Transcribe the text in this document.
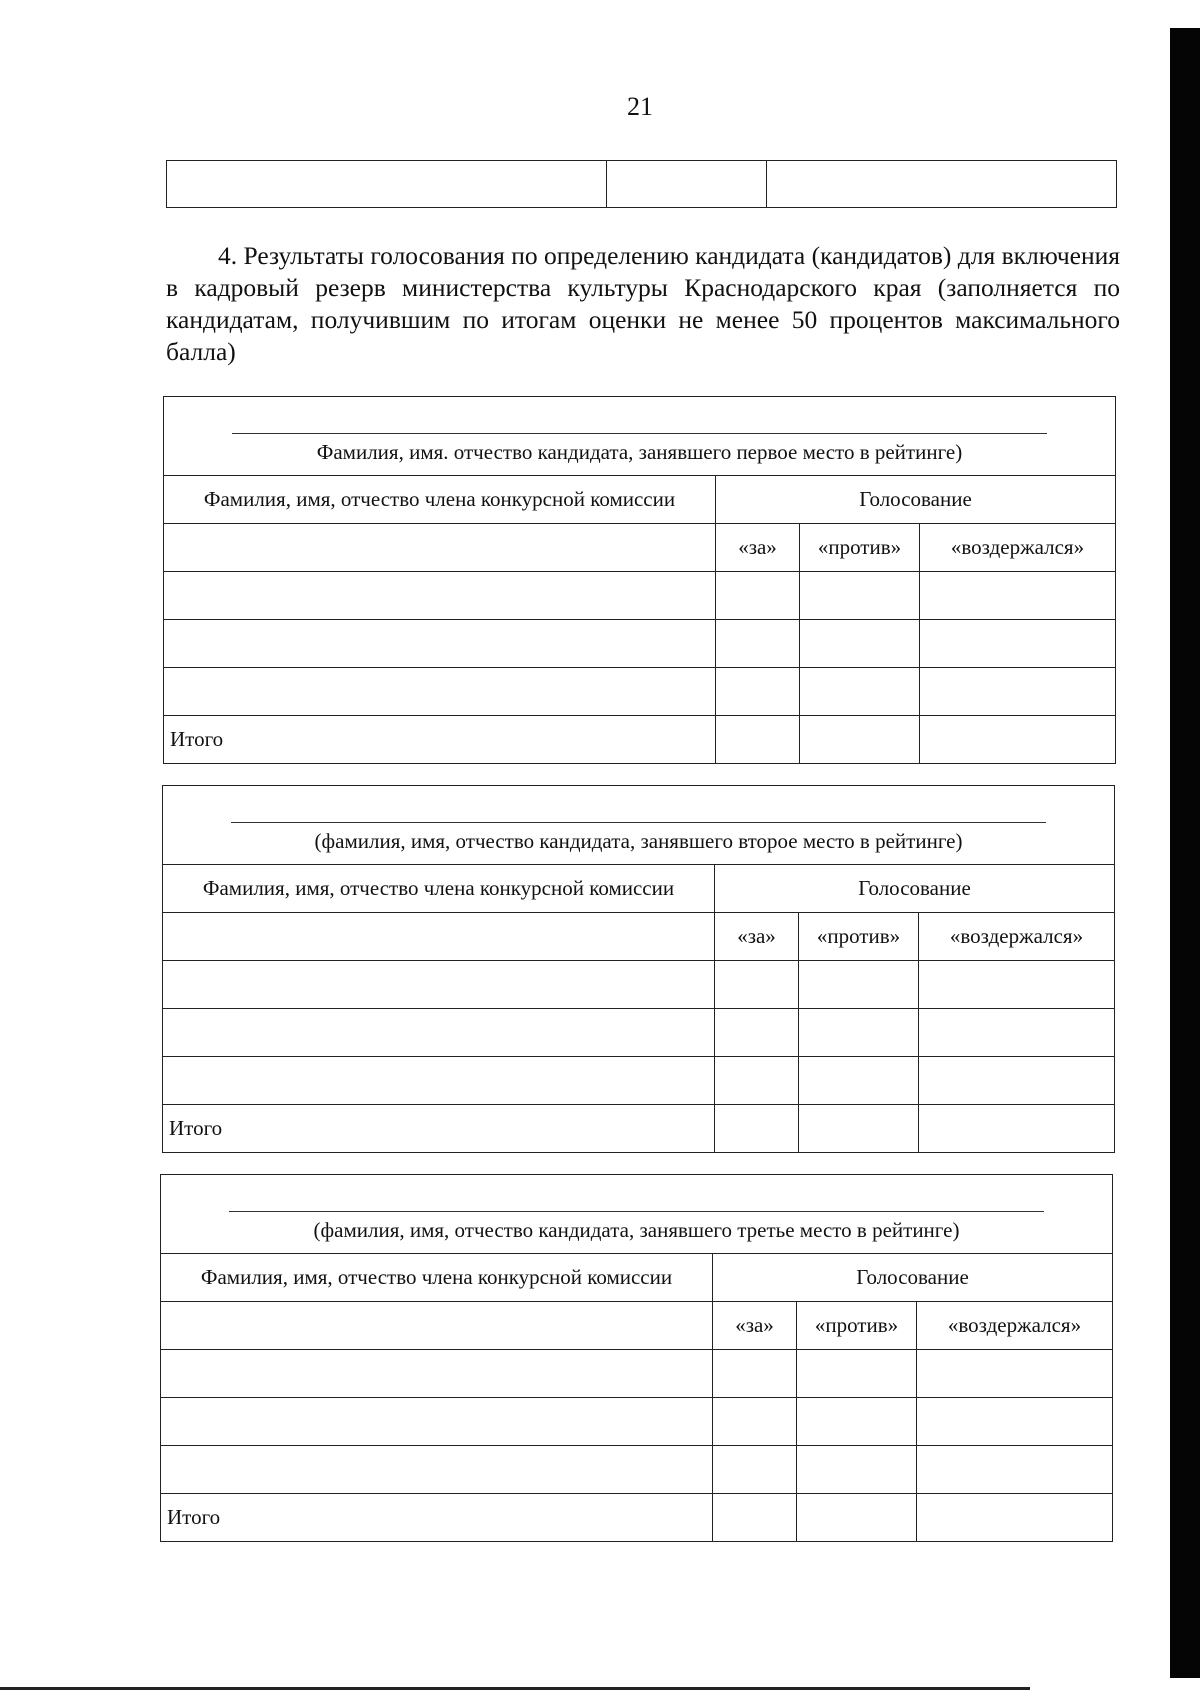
21

4. Результаты голосования по определению кандидата (кандидатов) для включения в кадровый резерв министерства культуры Краснодарского края (заполняется по кандидатам, получившим по итогам оценки не менее 50 процентов максимального балла)

Фамилия, имя. отчество кандидата, занявшего первое место в рейтинге)			

Фамилия, имя, отчество члена конкурсной комиссии	Голосование		
	«за»	«против»	«воздержался»

Итого			
(фамилия, имя, отчество кандидата, занявшего второе место в рейтинге)			

Фамилия, имя, отчество члена конкурсной комиссии	Голосование		
	«за»	«против»	«воздержался»

Итого			
(фамилия, имя, отчество кандидата, занявшего третье место в рейтинге)			

Фамилия, имя, отчество члена конкурсной комиссии	Голосование		
	«за»	«против»	«воздержался»

Итого			
